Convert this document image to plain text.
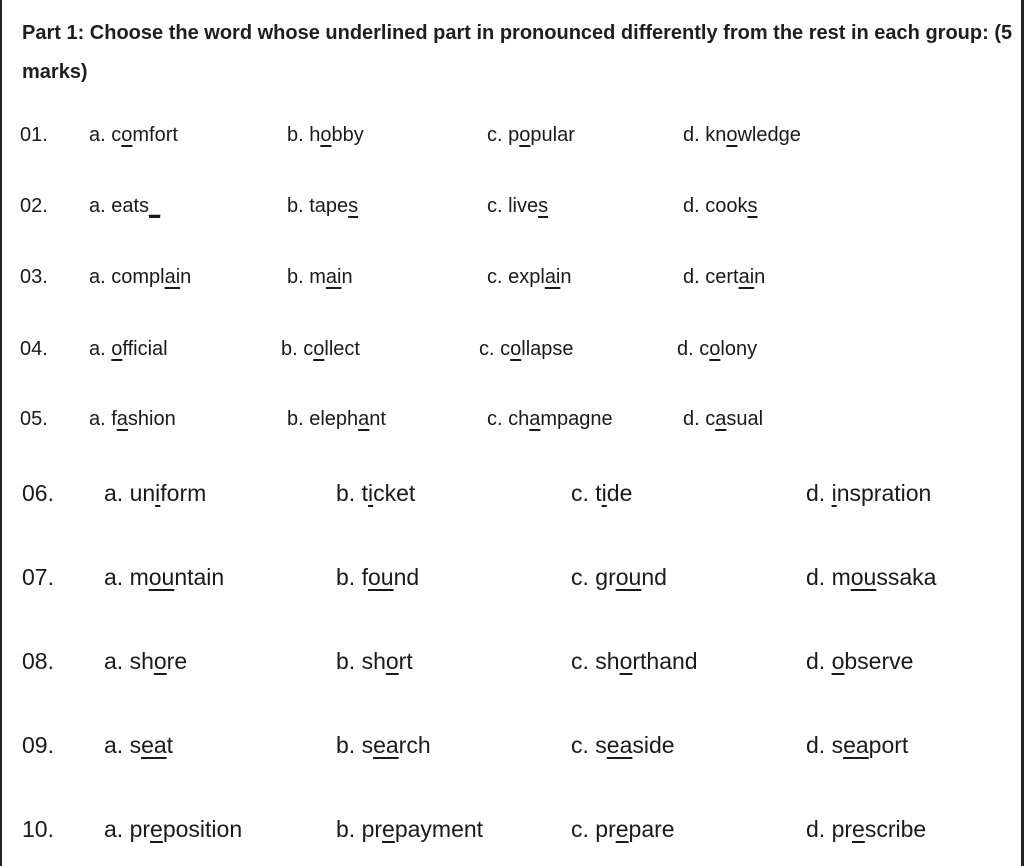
Part 1: Choose the word whose underlined part in pronounced differently from the rest in each group: (5 marks)
01. a. comfort	b. hobby	c. popular	d. knowledge
02. a. eats_	b. tapes	c. lives	d. cooks
03. a. complain	b. main	c. explain	d. certain
04. a. official	b. collect	c. collapse	d. colony
05. a. fashion	b. elephant	c. champagne	d. casual
06. a. uniform	b. ticket	c. tide	d. inspration
07. a. mountain	b. found	c. ground	d. moussaka
08. a. shore	b. short	c. shorthand	d. observe
09. a. seat	b. search	c. seaside	d. seaport
10. a. preposition	b. prepayment	c. prepare	d. prescribe
